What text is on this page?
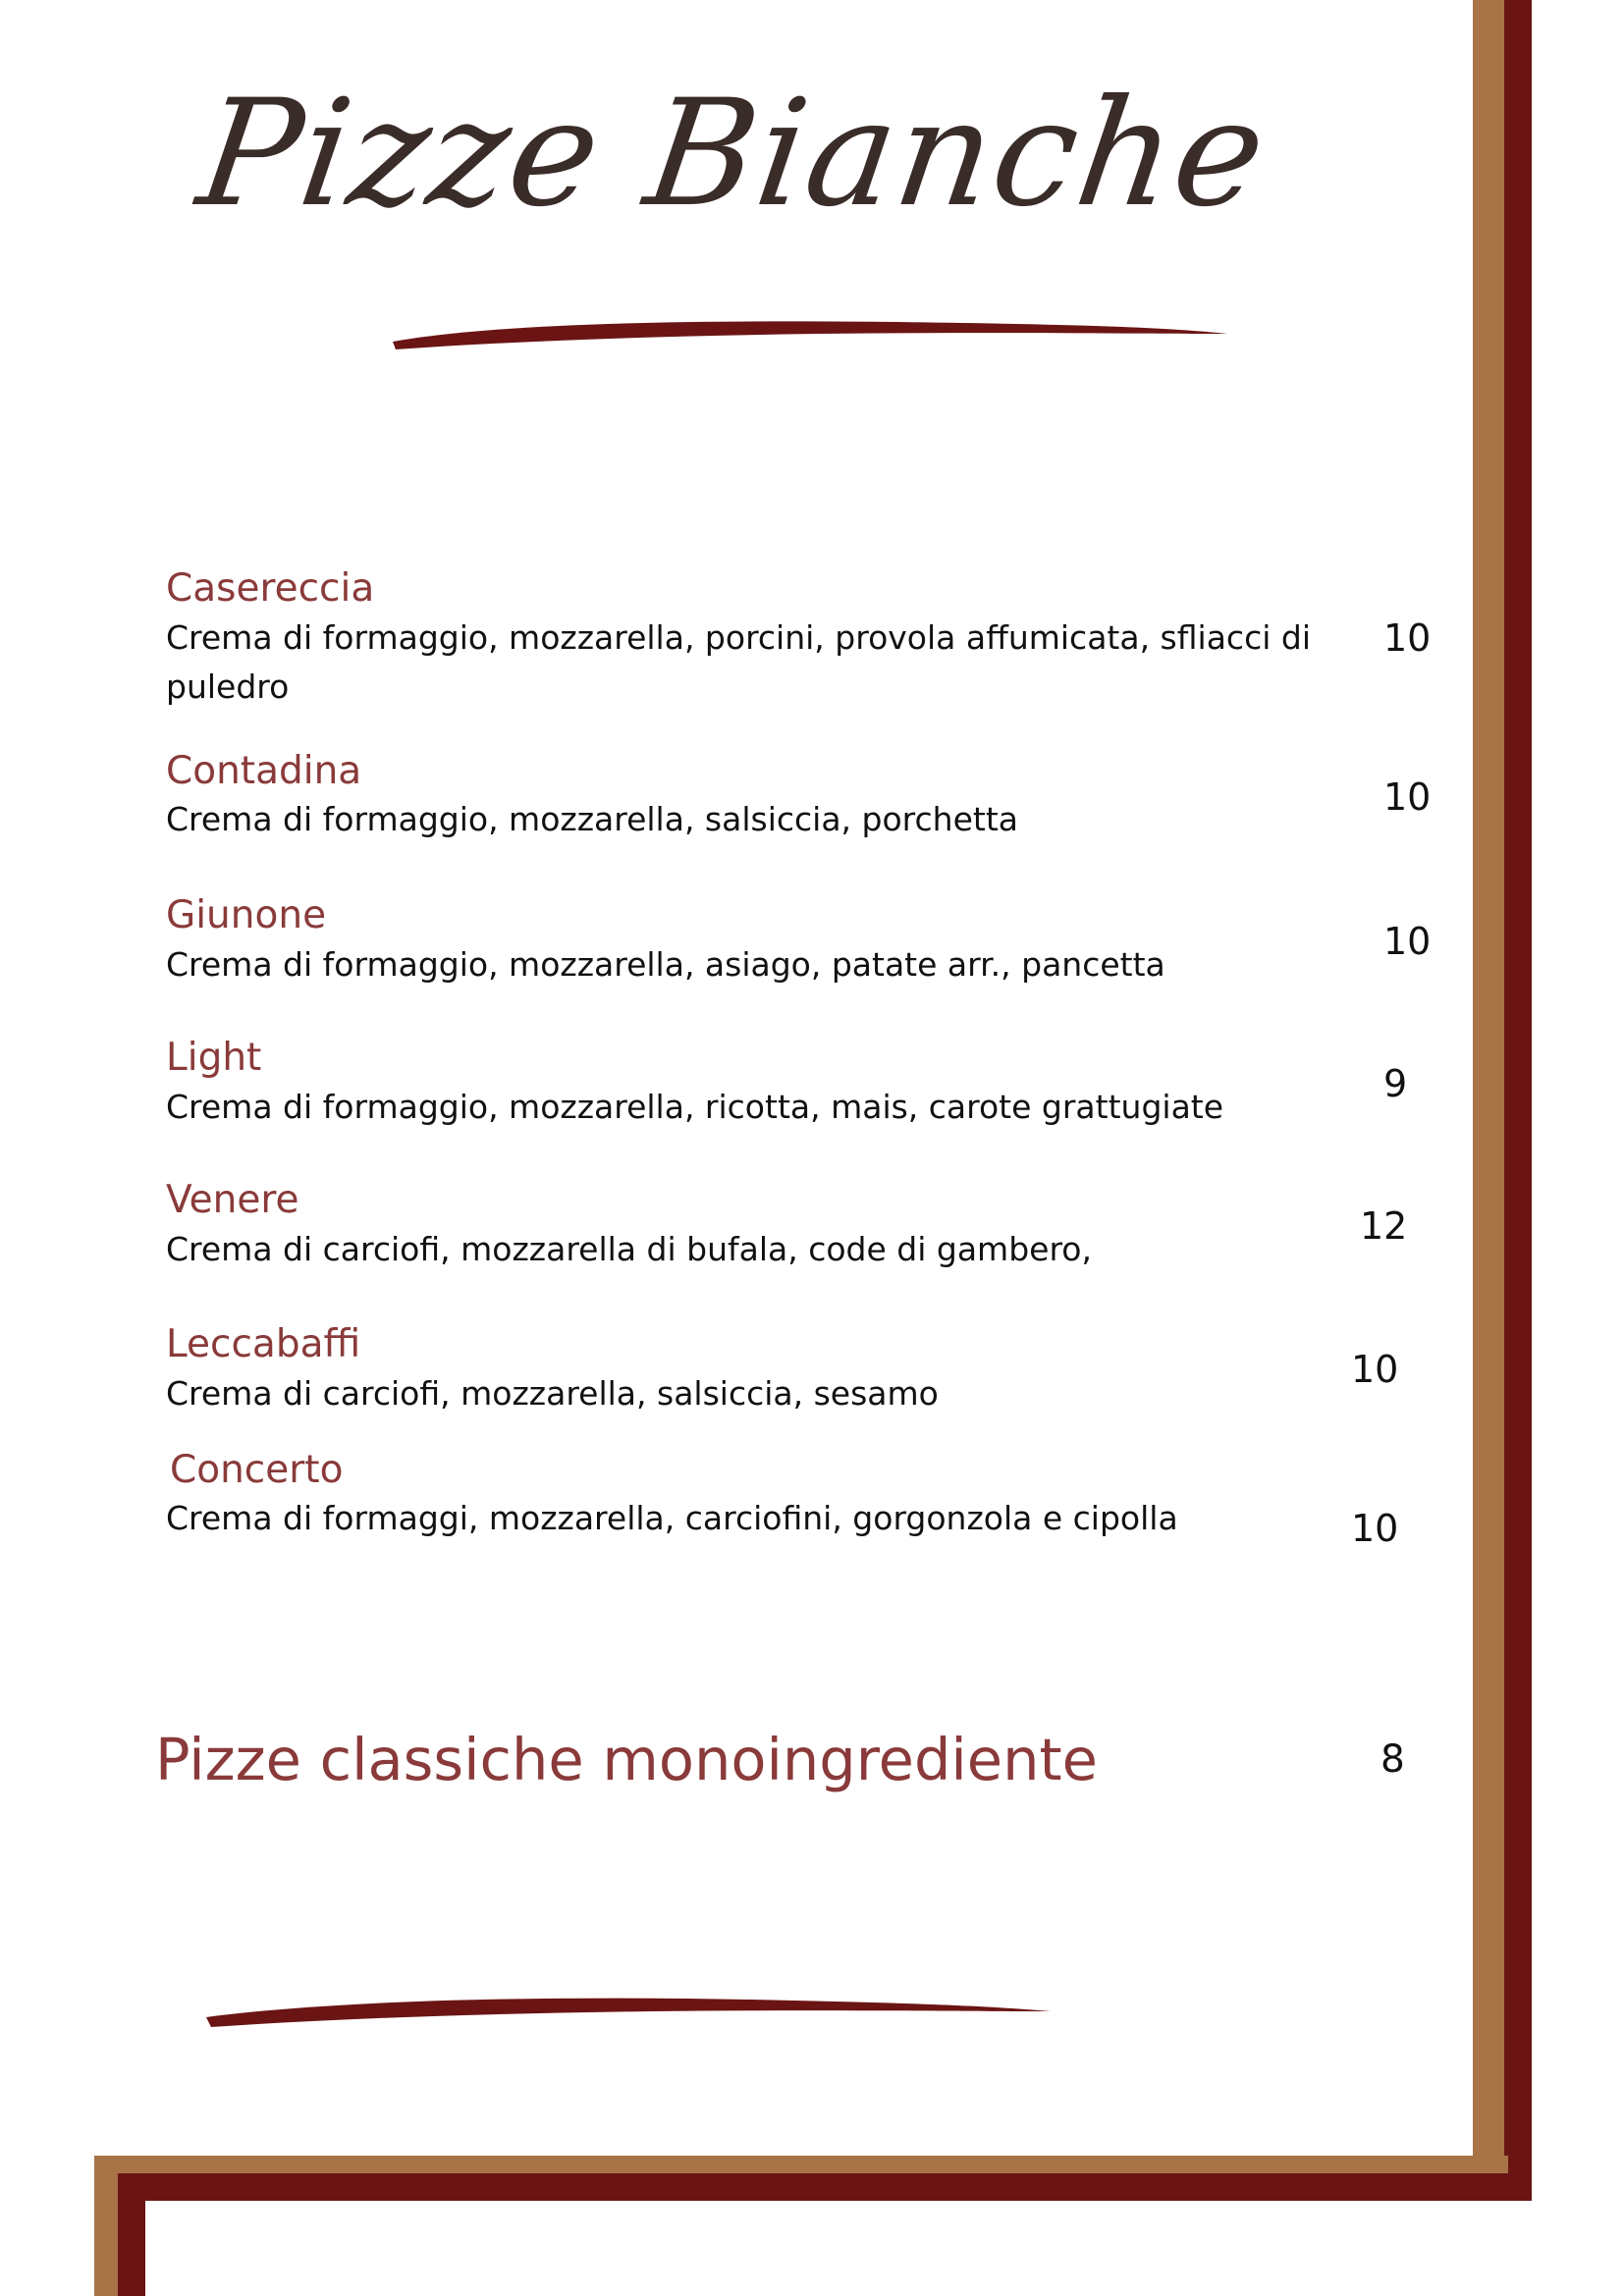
Pizze Bianche

Casereccia

Crema di formaggio, mozzarella, porcini, provola affumicata, sfliacci di puledro

10

Contadina

Crema di formaggio, mozzarella, salsiccia, porchetta

10

Giunone

Crema di formaggio, mozzarella, asiago, patate arr., pancetta

10

Light

Crema di formaggio, mozzarella, ricotta, mais, carote grattugiate

9

Venere

Crema di carciofi, mozzarella di bufala, code di gambero,

12

Leccabaffi

Crema di carciofi, mozzarella, salsiccia, sesamo

10

Concerto

Crema di formaggi, mozzarella, carciofini, gorgonzola e cipolla	10

Pizze classiche monoingrediente	8
